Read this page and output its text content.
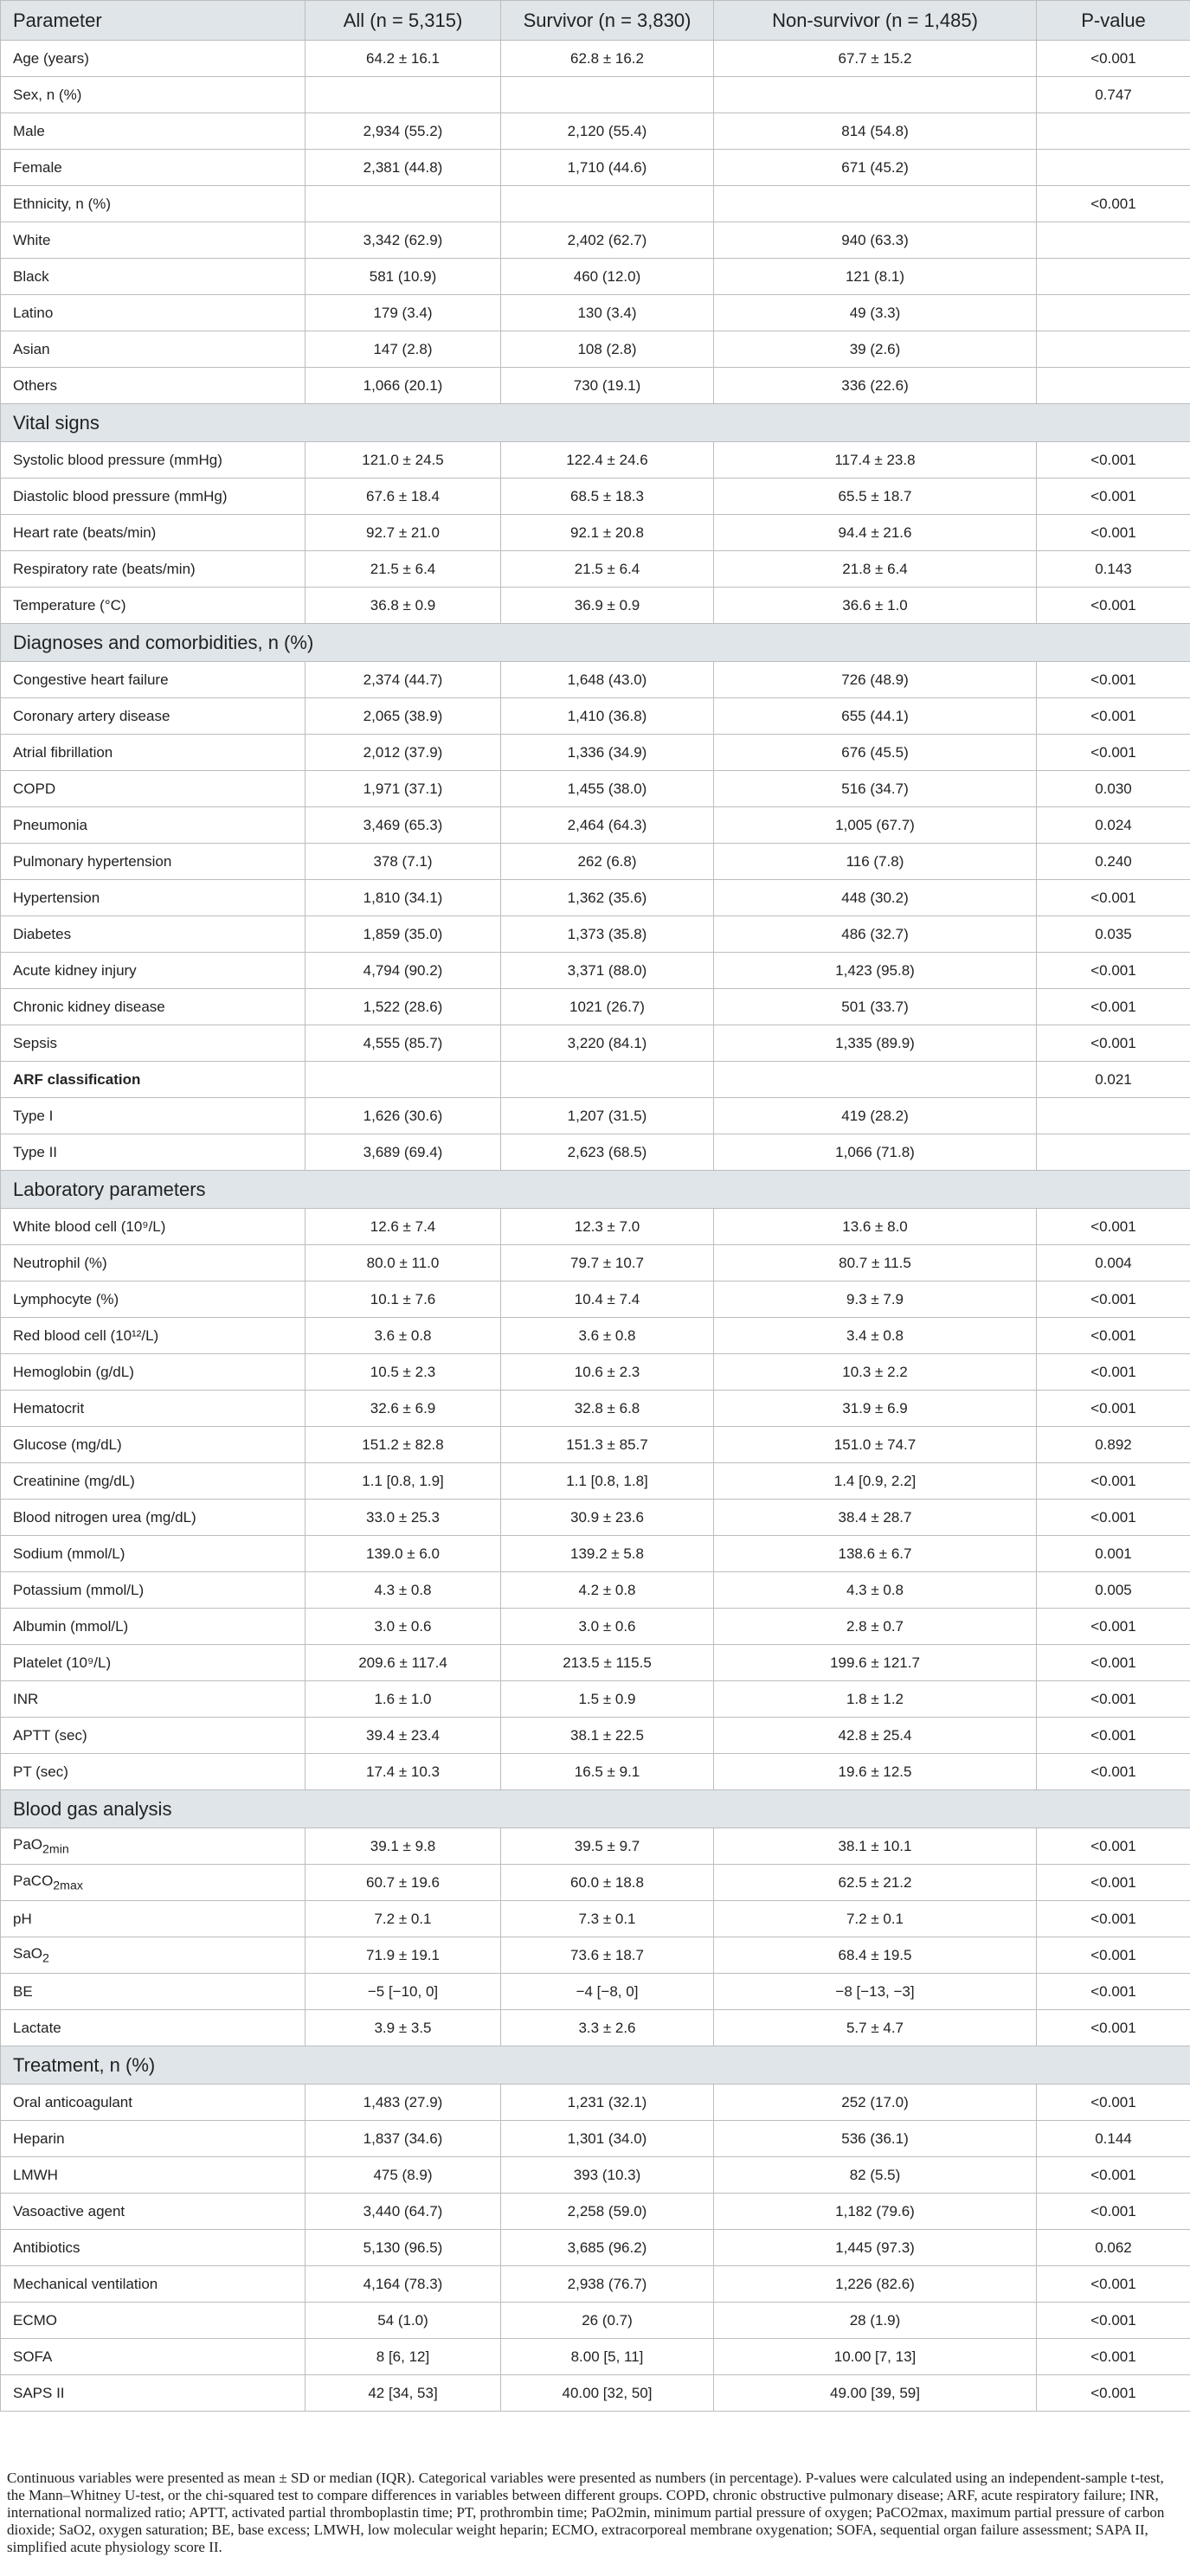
Parameter	All (n = 5,315)	Survivor (n = 3,830)	Non-survivor (n = 1,485)	P-value
Age (years)	64.2 ± 16.1	62.8 ± 16.2	67.7 ± 15.2	<0.001
Sex, n (%)				0.747
Male	2,934 (55.2)	2,120 (55.4)	814 (54.8)	
Female	2,381 (44.8)	1,710 (44.6)	671 (45.2)	
Ethnicity, n (%)				<0.001
White	3,342 (62.9)	2,402 (62.7)	940 (63.3)	
Black	581 (10.9)	460 (12.0)	121 (8.1)	
Latino	179 (3.4)	130 (3.4)	49 (3.3)	
Asian	147 (2.8)	108 (2.8)	39 (2.6)	
Others	1,066 (20.1)	730 (19.1)	336 (22.6)	
Vital signs				
Systolic blood pressure (mmHg)	121.0 ± 24.5	122.4 ± 24.6	117.4 ± 23.8	<0.001
Diastolic blood pressure (mmHg)	67.6 ± 18.4	68.5 ± 18.3	65.5 ± 18.7	<0.001
Heart rate (beats/min)	92.7 ± 21.0	92.1 ± 20.8	94.4 ± 21.6	<0.001
Respiratory rate (beats/min)	21.5 ± 6.4	21.5 ± 6.4	21.8 ± 6.4	0.143
Temperature (°C)	36.8 ± 0.9	36.9 ± 0.9	36.6 ± 1.0	<0.001
Diagnoses and comorbidities, n (%)				
Congestive heart failure	2,374 (44.7)	1,648 (43.0)	726 (48.9)	<0.001
Coronary artery disease	2,065 (38.9)	1,410 (36.8)	655 (44.1)	<0.001
Atrial fibrillation	2,012 (37.9)	1,336 (34.9)	676 (45.5)	<0.001
COPD	1,971 (37.1)	1,455 (38.0)	516 (34.7)	0.030
Pneumonia	3,469 (65.3)	2,464 (64.3)	1,005 (67.7)	0.024
Pulmonary hypertension	378 (7.1)	262 (6.8)	116 (7.8)	0.240
Hypertension	1,810 (34.1)	1,362 (35.6)	448 (30.2)	<0.001
Diabetes	1,859 (35.0)	1,373 (35.8)	486 (32.7)	0.035
Acute kidney injury	4,794 (90.2)	3,371 (88.0)	1,423 (95.8)	<0.001
Chronic kidney disease	1,522 (28.6)	1021 (26.7)	501 (33.7)	<0.001
Sepsis	4,555 (85.7)	3,220 (84.1)	1,335 (89.9)	<0.001
ARF classification				0.021
Type I	1,626 (30.6)	1,207 (31.5)	419 (28.2)	
Type II	3,689 (69.4)	2,623 (68.5)	1,066 (71.8)	
Laboratory parameters				
White blood cell (10⁹/L)	12.6 ± 7.4	12.3 ± 7.0	13.6 ± 8.0	<0.001
Neutrophil (%)	80.0 ± 11.0	79.7 ± 10.7	80.7 ± 11.5	0.004
Lymphocyte (%)	10.1 ± 7.6	10.4 ± 7.4	9.3 ± 7.9	<0.001
Red blood cell (10¹²/L)	3.6 ± 0.8	3.6 ± 0.8	3.4 ± 0.8	<0.001
Hemoglobin (g/dL)	10.5 ± 2.3	10.6 ± 2.3	10.3 ± 2.2	<0.001
Hematocrit	32.6 ± 6.9	32.8 ± 6.8	31.9 ± 6.9	<0.001
Glucose (mg/dL)	151.2 ± 82.8	151.3 ± 85.7	151.0 ± 74.7	0.892
Creatinine (mg/dL)	1.1 [0.8, 1.9]	1.1 [0.8, 1.8]	1.4 [0.9, 2.2]	<0.001
Blood nitrogen urea (mg/dL)	33.0 ± 25.3	30.9 ± 23.6	38.4 ± 28.7	<0.001
Sodium (mmol/L)	139.0 ± 6.0	139.2 ± 5.8	138.6 ± 6.7	0.001
Potassium (mmol/L)	4.3 ± 0.8	4.2 ± 0.8	4.3 ± 0.8	0.005
Albumin (mmol/L)	3.0 ± 0.6	3.0 ± 0.6	2.8 ± 0.7	<0.001
Platelet (10⁹/L)	209.6 ± 117.4	213.5 ± 115.5	199.6 ± 121.7	<0.001
INR	1.6 ± 1.0	1.5 ± 0.9	1.8 ± 1.2	<0.001
APTT (sec)	39.4 ± 23.4	38.1 ± 22.5	42.8 ± 25.4	<0.001
PT (sec)	17.4 ± 10.3	16.5 ± 9.1	19.6 ± 12.5	<0.001
Blood gas analysis				
PaO$_{2min}$	39.1 ± 9.8	39.5 ± 9.7	38.1 ± 10.1	<0.001
PaCO$_{2max}$	60.7 ± 19.6	60.0 ± 18.8	62.5 ± 21.2	<0.001
pH	7.2 ± 0.1	7.3 ± 0.1	7.2 ± 0.1	<0.001
SaO$_2$	71.9 ± 19.1	73.6 ± 18.7	68.4 ± 19.5	<0.001
BE	−5 [−10, 0]	−4 [−8, 0]	−8 [−13, −3]	<0.001
Lactate	3.9 ± 3.5	3.3 ± 2.6	5.7 ± 4.7	<0.001
Treatment, n (%)				
Oral anticoagulant	1,483 (27.9)	1,231 (32.1)	252 (17.0)	<0.001
Heparin	1,837 (34.6)	1,301 (34.0)	536 (36.1)	0.144
LMWH	475 (8.9)	393 (10.3)	82 (5.5)	<0.001
Vasoactive agent	3,440 (64.7)	2,258 (59.0)	1,182 (79.6)	<0.001
Antibiotics	5,130 (96.5)	3,685 (96.2)	1,445 (97.3)	0.062
Mechanical ventilation	4,164 (78.3)	2,938 (76.7)	1,226 (82.6)	<0.001
ECMO	54 (1.0)	26 (0.7)	28 (1.9)	<0.001
SOFA	8 [6, 12]	8.00 [5, 11]	10.00 [7, 13]	<0.001
SAPS II	42 [34, 53]	40.00 [32, 50]	49.00 [39, 59]	<0.001
Continuous variables were presented as mean ± SD or median (IQR). Categorical variables were presented as numbers (in percentage). P-values were calculated using an independent-sample t-test, the Mann–Whitney U-test, or the chi-squared test to compare differences in variables between different groups. COPD, chronic obstructive pulmonary disease; ARF, acute respiratory failure; INR, international normalized ratio; APTT, activated partial thromboplastin time; PT, prothrombin time; PaO2min, minimum partial pressure of oxygen; PaCO2max, maximum partial pressure of carbon dioxide; SaO2, oxygen saturation; BE, base excess; LMWH, low molecular weight heparin; ECMO, extracorporeal membrane oxygenation; SOFA, sequential organ failure assessment; SAPA II, simplified acute physiology score II.
